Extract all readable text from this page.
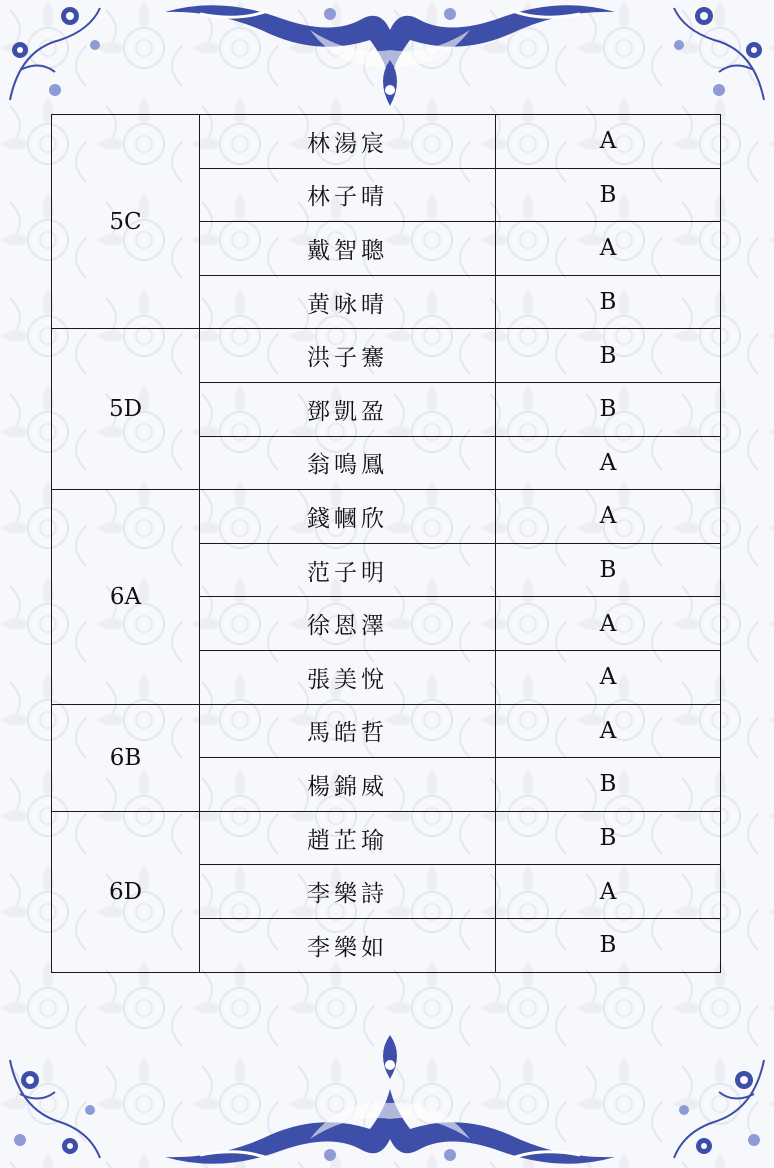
5C	林湯宸	A
	林子晴	B
	戴智聰	A
	黄咏晴	B
5D	洪子騫	B
	鄧凱盈	B
	翁鳴鳳	A
6A	錢幗欣	A
	范子明	B
	徐恩澤	A
	張美悅	A
6B	馬皓哲	A
	楊錦威	B
6D	趙芷瑜	B
	李樂詩	A
	李樂如	B
